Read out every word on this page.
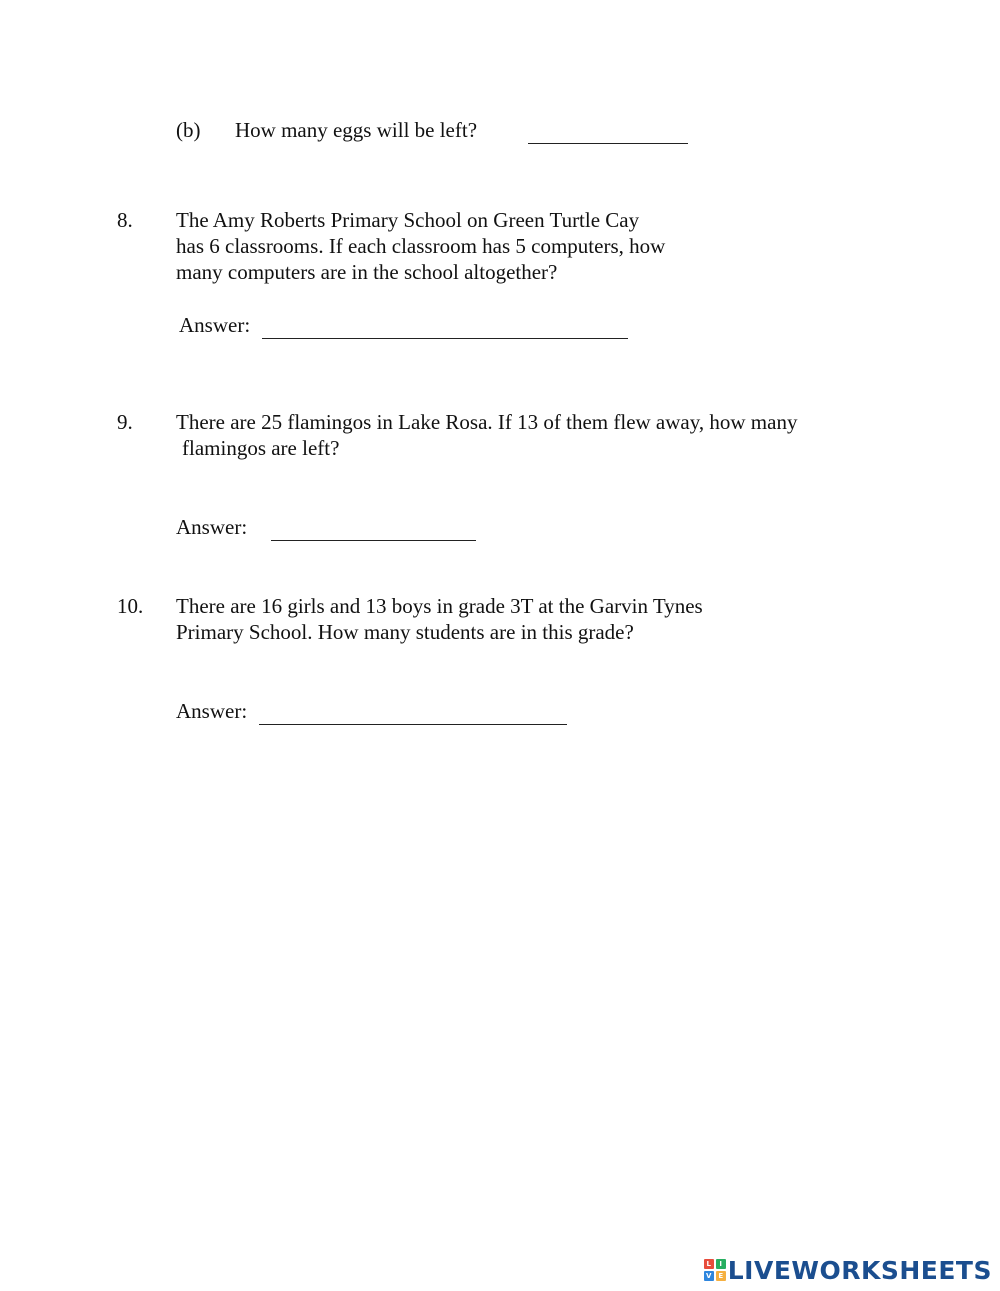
(b) How many eggs will be left?
8. The Amy Roberts Primary School on Green Turtle Cay
has 6 classrooms. If each classroom has 5 computers, how
many computers are in the school altogether?
Answer:
9. There are 25 flamingos in Lake Rosa. If 13 of them flew away, how many
flamingos are left?
Answer:
10. There are 16 girls and 13 boys in grade 3T at the Garvin Tynes
Primary School. How many students are in this grade?
Answer:
L	I
V E LIVEWORKSHEETS
